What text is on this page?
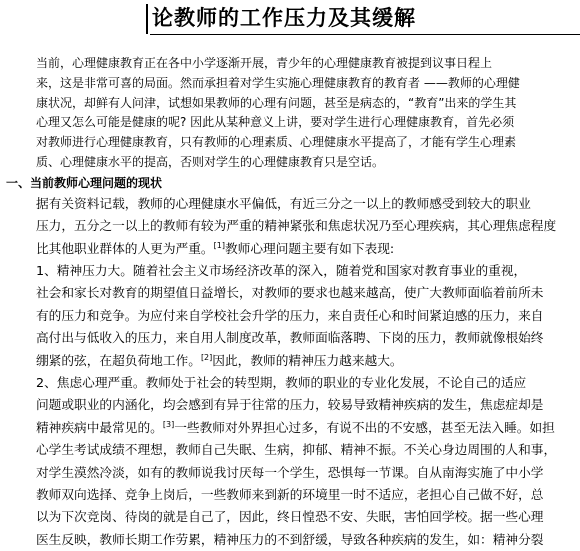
论教师的工作压力及其缓解

当前，心理健康教育正在各中小学逐渐开展，青少年的心理健康教育被提到议事日程上
来，这是非常可喜的局面。然而承担着对学生实施心理健康教育的教育者 ——教师的心理健
康状况，却鲜有人问津，试想如果教师的心理有问题，甚至是病态的，“教育”出来的学生其
心理又怎么可能是健康的呢? 因此从某种意义上讲，要对学生进行心理健康教育，首先必须
对教师进行心理健康教育，只有教师的心理素质、心理健康水平提高了，才能有学生心理素
质、心理健康水平的提高，否则对学生的心理健康教育只是空话。

一、当前教师心理问题的现状

据有关资料记载，教师的心理健康水平偏低，有近三分之一以上的教师感受到较大的职业
压力，五分之一以上的教师有较为严重的精神紧张和焦虑状况乃至心理疾病，其心理焦虑程度
比其他职业群体的人更为严重。[1]教师心理问题主要有如下表现:

1、精神压力大。随着社会主义市场经济改革的深入，随着党和国家对教育事业的重视，
社会和家长对教育的期望值日益增长，对教师的要求也越来越高，使广大教师面临着前所未
有的压力和竞争。为应付来自学校社会升学的压力，来自责任心和时间紧迫感的压力，来自
高付出与低收入的压力，来自用人制度改革，教师面临落聘、下岗的压力，教师就像根始终
绷紧的弦，在超负荷地工作。[2]因此，教师的精神压力越来越大。

2、焦虑心理严重。教师处于社会的转型期，教师的职业的专业化发展，不论自己的适应
问题或职业的内涵化，均会感到有异于往常的压力，较易导致精神疾病的发生，焦虑症却是
精神疾病中最常见的。[3]一些教师对外界担心过多，有说不出的不安感，甚至无法入睡。如担
心学生考试成绩不理想，教师自己失眠、生病，抑郁、精神不振。不关心身边周围的人和事，
对学生漠然冷淡，如有的教师说我讨厌每一个学生，恐惧每一节课。自从南海实施了中小学
教师双向选择、竞争上岗后，一些教师来到新的环境里一时不适应，老担心自己做不好，总
以为下次竞岗、待岗的就是自己了，因此，终日惶恐不安、失眠，害怕回学校。据一些心理
医生反映，教师长期工作劳累，精神压力的不到舒缓，导致各种疾病的发生，如：精神分裂
